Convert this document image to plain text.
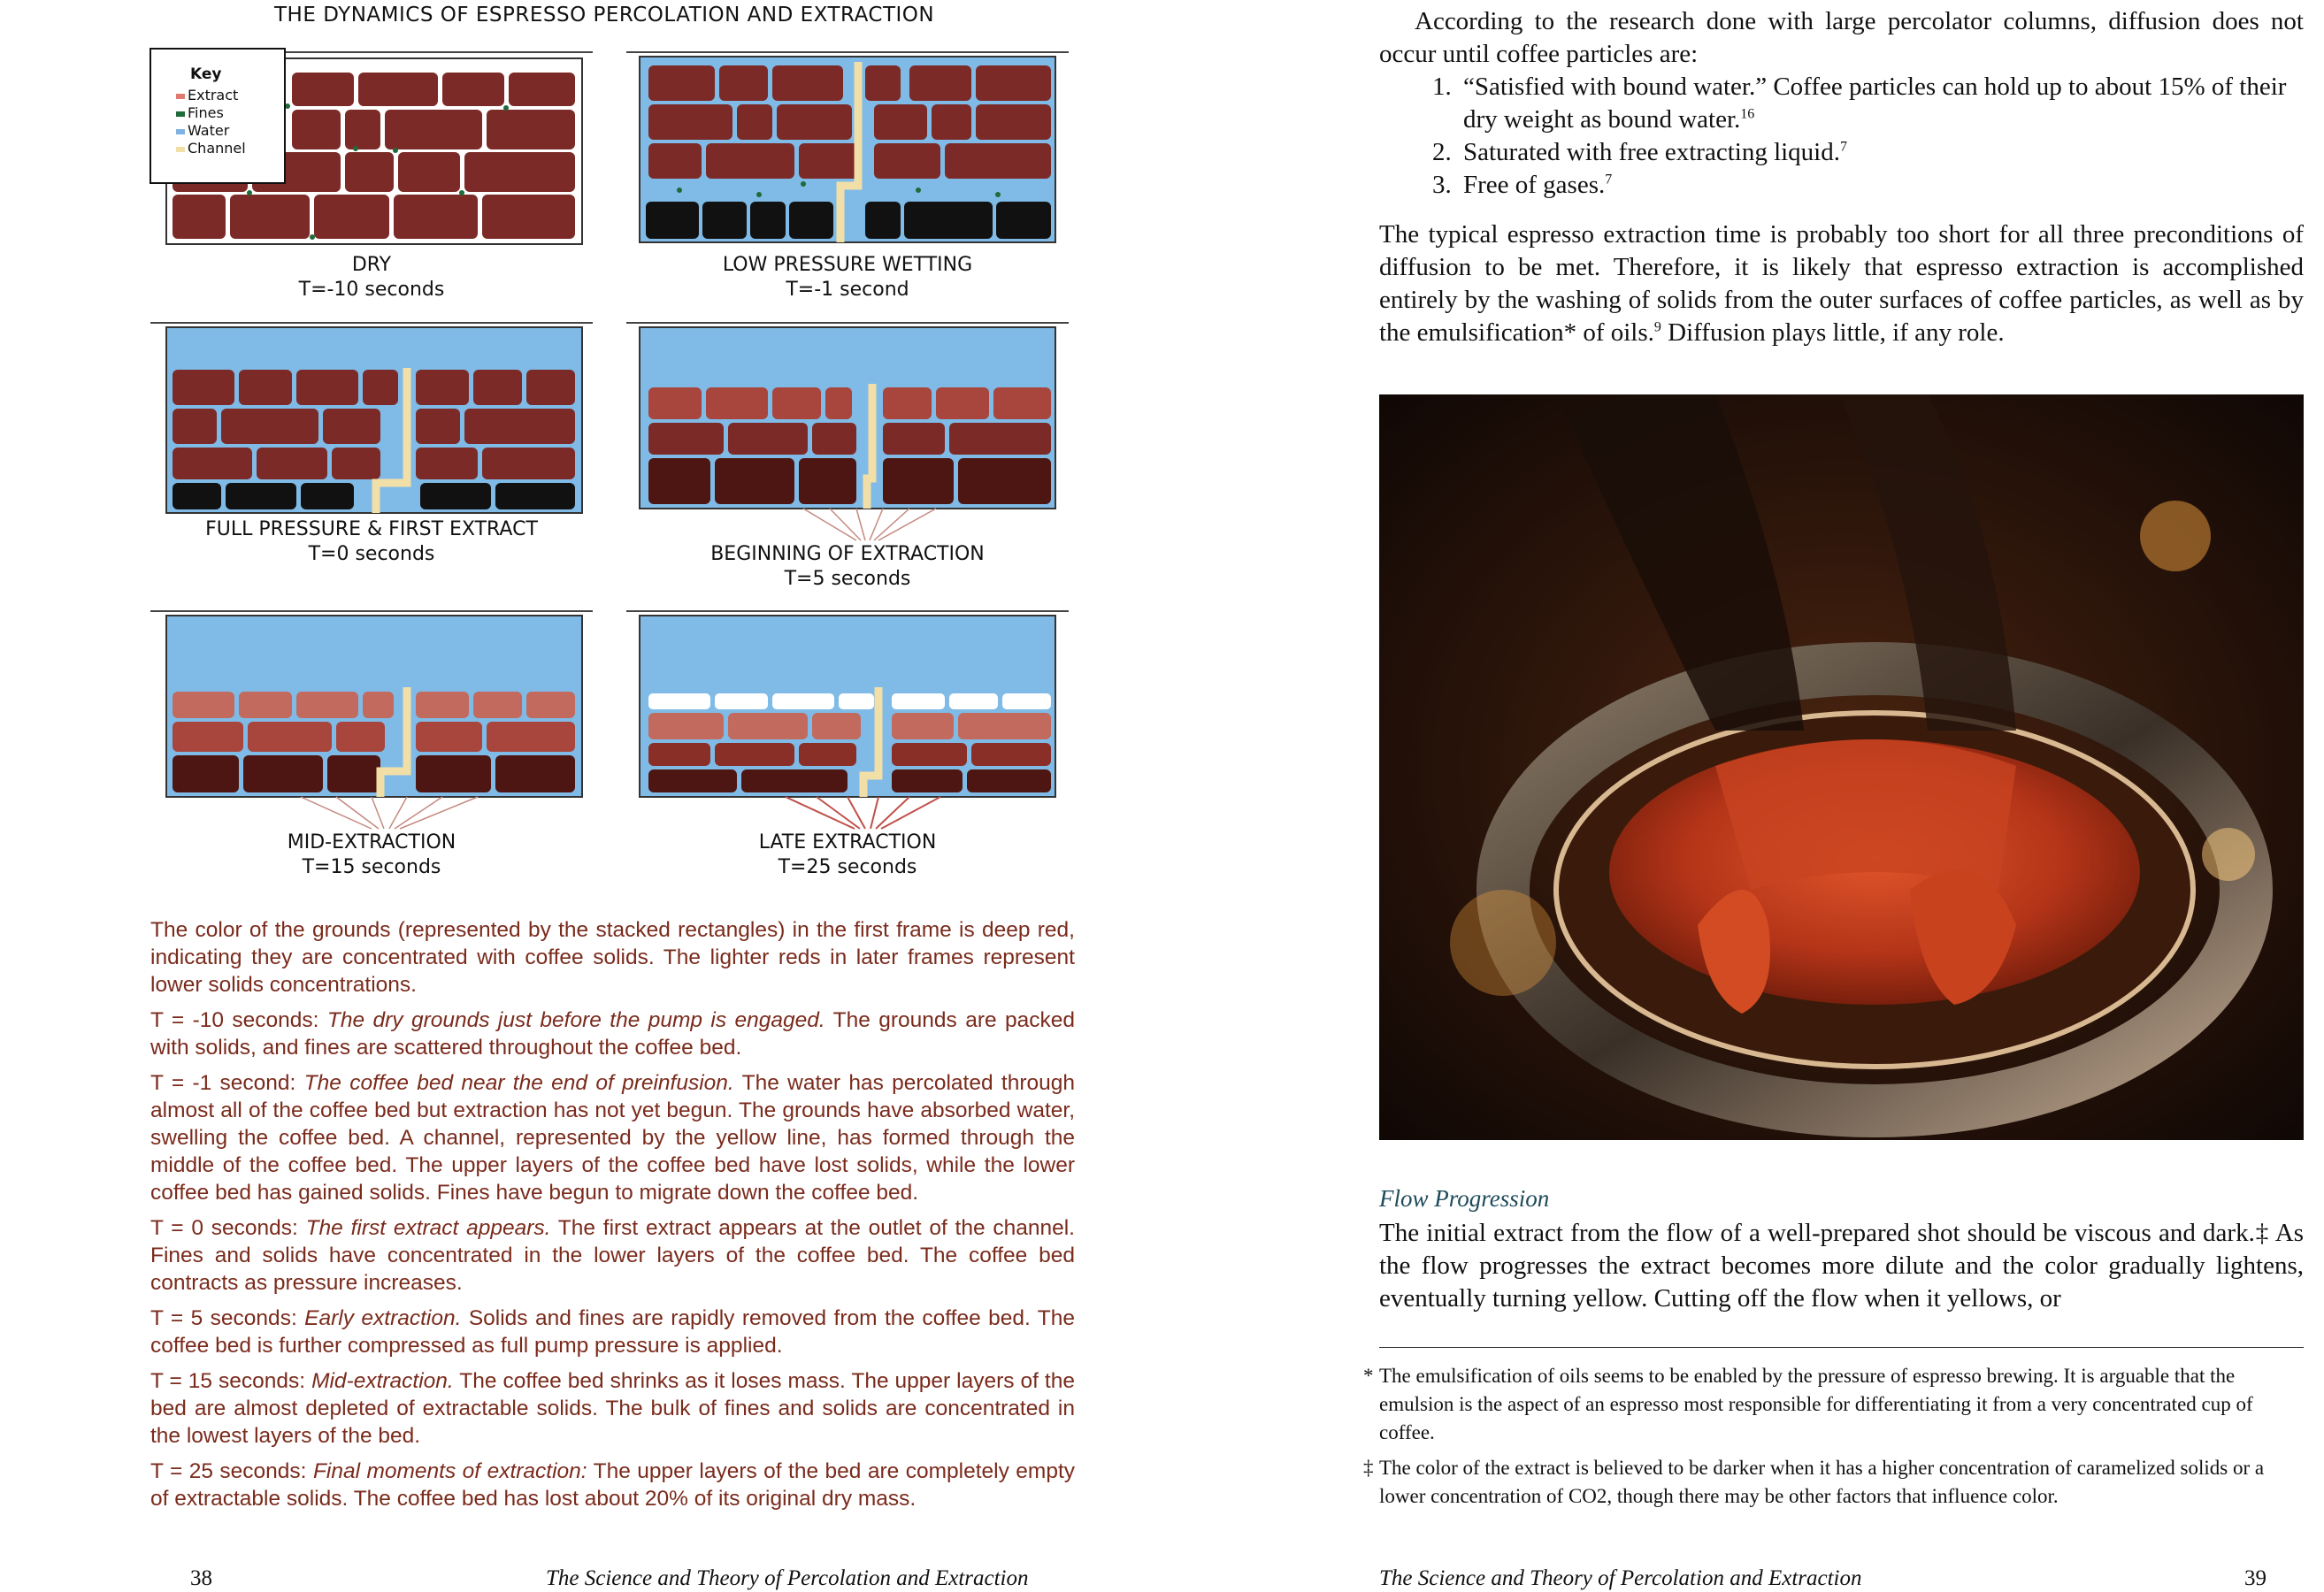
THE DYNAMICS OF ESPRESSO PERCOLATION AND EXTRACTION
Key
Extract
Fines
Water
Channel
DRY
T=-10 seconds
LOW PRESSURE WETTING
T=-1 second
FULL PRESSURE & FIRST EXTRACT
T=0 seconds	BEGINNING OF EXTRACTION
T=5 seconds
MID-EXTRACTION
T=15 seconds
LATE EXTRACTION
T=25 seconds

The color of the grounds (represented by the stacked rectangles) in the first frame is deep red, indicating they are concentrated with coffee solids. The lighter reds in later frames represent lower solids concentrations.

T = -10 seconds: The dry grounds just before the pump is engaged. The grounds are packed with solids, and fines are scattered throughout the coffee bed.

T = -1 second: The coffee bed near the end of preinfusion. The water has percolated through almost all of the coffee bed but extraction has not yet begun. The grounds have absorbed water, swelling the coffee bed. A channel, represented by the yellow line, has formed through the middle of the coffee bed. The upper layers of the coffee bed have lost solids, while the lower coffee bed has gained solids. Fines have begun to migrate down the coffee bed.

T = 0 seconds: The first extract appears. The first extract appears at the outlet of the channel. Fines and solids have concentrated in the lower layers of the coffee bed. The coffee bed contracts as pressure increases.

T = 5 seconds: Early extraction. Solids and fines are rapidly removed from the coffee bed. The coffee bed is further compressed as full pump pressure is applied.

T = 15 seconds: Mid-extraction. The coffee bed shrinks as it loses mass. The upper layers of the bed are almost depleted of extractable solids. The bulk of fines and solids are concentrated in the lowest layers of the bed.

T = 25 seconds: Final moments of extraction: The upper layers of the bed are completely empty of extractable solids. The coffee bed has lost about 20% of its original dry mass.

38	The Science and Theory of Percolation and Extraction

According to the research done with large percolator columns, diffusion does not occur until coffee particles are:

1. “Satisfied with bound water.” Coffee particles can hold up to about 15% of their dry weight as bound water.$^{16}$
2. Saturated with free extracting liquid.$^7$
3. Free of gases.$^7$

The typical espresso extraction time is probably too short for all three preconditions of diffusion to be met. Therefore, it is likely that espresso extraction is accomplished entirely by the washing of solids from the outer surfaces of coffee particles, as well as by the emulsification* of oils.$^9$ Diffusion plays little, if any role.

Flow Progression

The initial extract from the flow of a well-prepared shot should be viscous and dark.‡ As the flow progresses the extract becomes more dilute and the color gradually lightens, eventually turning yellow. Cutting off the flow when it yellows, or

* The emulsification of oils seems to be enabled by the pressure of espresso brewing. It is arguable that the emulsion is the aspect of an espresso most responsible for differentiating it from a very concentrated cup of coffee.
‡ The color of the extract is believed to be darker when it has a higher concentration of caramelized solids or a lower concentration of CO2, though there may be other factors that influence color.
The Science and Theory of Percolation and Extraction	39
